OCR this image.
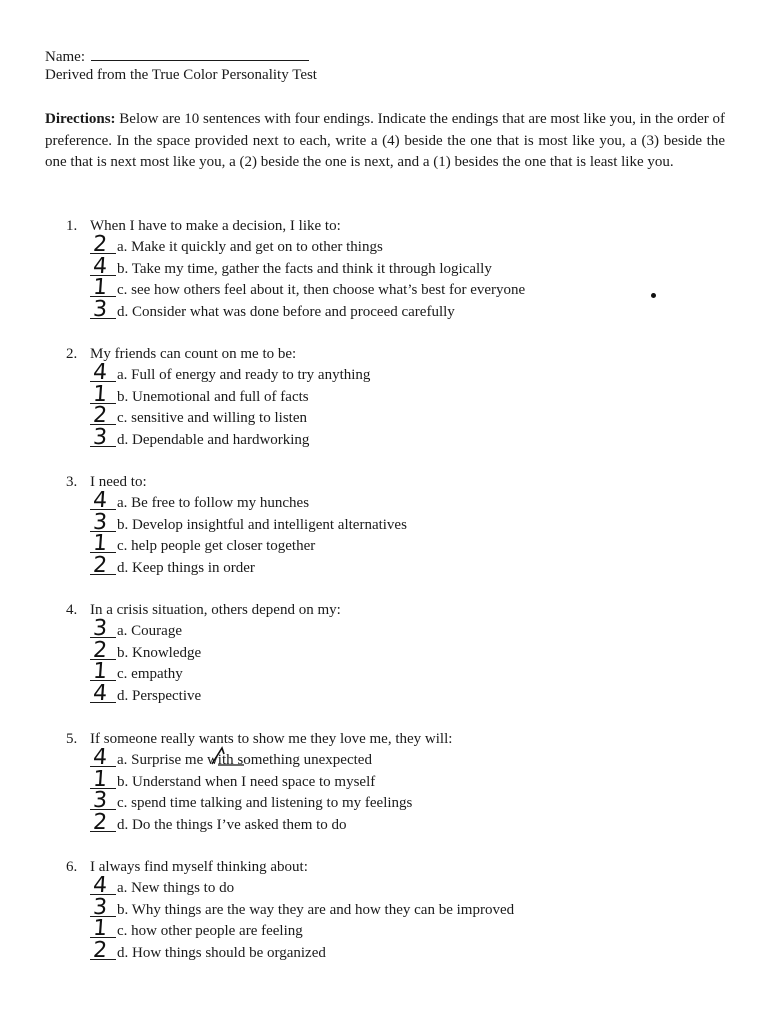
Name:
Derived from the True Color Personality Test
Directions: Below are 10 sentences with four endings. Indicate the endings that are most like you, in the order of preference. In the space provided next to each, write a (4) beside the one that is most like you, a (3) beside the one that is next most like you, a (2) beside the one is next, and a (1) besides the one that is least like you.
1. When I have to make a decision, I like to:
2 a. Make it quickly and get on to other things
4 b. Take my time, gather the facts and think it through logically
1 c. see how others feel about it, then choose what’s best for everyone
3 d. Consider what was done before and proceed carefully
2. My friends can count on me to be:
4 a. Full of energy and ready to try anything
1 b. Unemotional and full of facts
2 c. sensitive and willing to listen
3 d. Dependable and hardworking
3. I need to:
4 a. Be free to follow my hunches
3 b. Develop insightful and intelligent alternatives
1 c. help people get closer together
2 d. Keep things in order
4. In a crisis situation, others depend on my:
3 a. Courage
2 b. Knowledge
1 c. empathy
4 d. Perspective
5. If someone really wants to show me they love me, they will:
4 a. Surprise me with something unexpected
1 b. Understand when I need space to myself
3 c. spend time talking and listening to my feelings
2 d. Do the things I’ve asked them to do
6. I always find myself thinking about:
4 a. New things to do
3 b. Why things are the way they are and how they can be improved
1 c. how other people are feeling
2 d. How things should be organized
